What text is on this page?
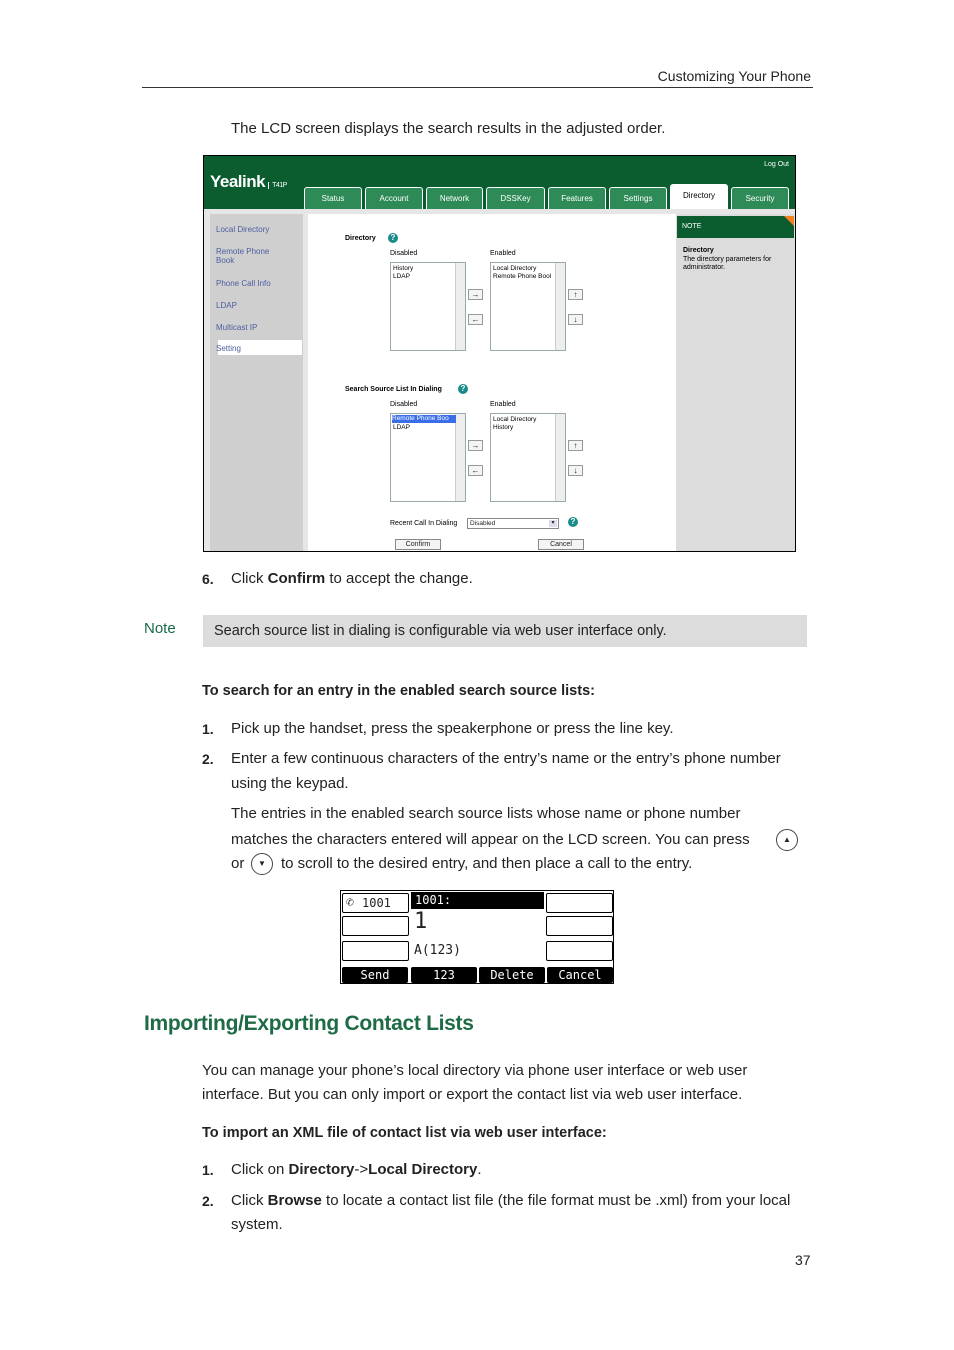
Customizing Your Phone
The LCD screen displays the search results in the adjusted order.
Yealink T41P
Log Out
Status	Account	Network	DSSKey	Features	Settings	Directory	Security
Local Directory
Remote Phone Book
Phone Call Info
LDAP
Multicast IP
Setting
Directory	?
Disabled	Enabled
History
LDAP
Local Directory
Remote Phone Bool
→
←
↑
↓
Search Source List In Dialing	?
Disabled	Enabled
Remote Phone Boo
LDAP
Local Directory
History
→
←
↑
↓
Recent Call In Dialing	Disabled	▾	?
Confirm	Cancel
NOTE
Directory
The directory parameters for administrator.
6. Click Confirm to accept the change.
Note	Search source list in dialing is configurable via web user interface only.
To search for an entry in the enabled search source lists:
1. Pick up the handset, press the speakerphone or press the line key.
2. Enter a few continuous characters of the entry’s name or the entry’s phone number
using the keypad.
The entries in the enabled search source lists whose name or phone number
matches the characters entered will appear on the LCD screen. You can press	▲
or	▼	to scroll to the desired entry, and then place a call to the entry.
✆ 1001	1001:
1
A(123)
Send	123	Delete	Cancel
Importing/Exporting Contact Lists
You can manage your phone’s local directory via phone user interface or web user
interface. But you can only import or export the contact list via web user interface.
To import an XML file of contact list via web user interface:
1. Click on Directory->Local Directory.
2. Click Browse to locate a contact list file (the file format must be .xml) from your local
system.
37
